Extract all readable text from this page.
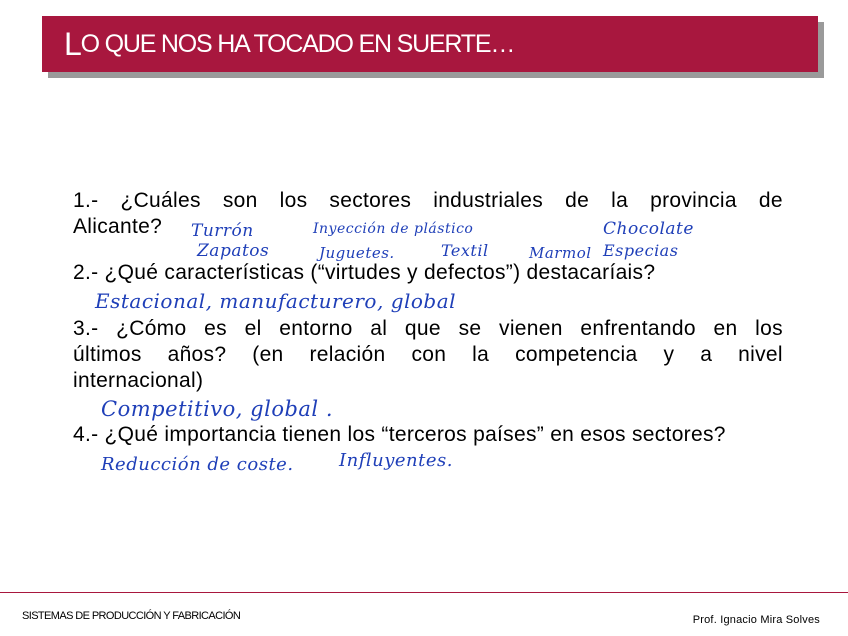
L O QUE NOS HA TOCADO EN SUERTE…
1.- ¿Cuáles son los sectores industriales de la provincia de
Alicante? Turrón	Inyección de plástico	Chocolate
Zapatos	Juguetes.	Textil	Marmol Especias
2.- ¿Qué características (“virtudes y defectos”) destacaríais?
Estacional, manufacturero, global
3.- ¿Cómo es el entorno al que se vienen enfrentando en los
últimos años? (en relación con la competencia y a nivel
internacional)
Competitivo, global .
4.- ¿Qué importancia tienen los “terceros países” en esos sectores?
Reducción de coste.	Influyentes.
SISTEMAS DE PRODUCCIÓN Y FABRICACIÓN	Prof. Ignacio Mira Solves
